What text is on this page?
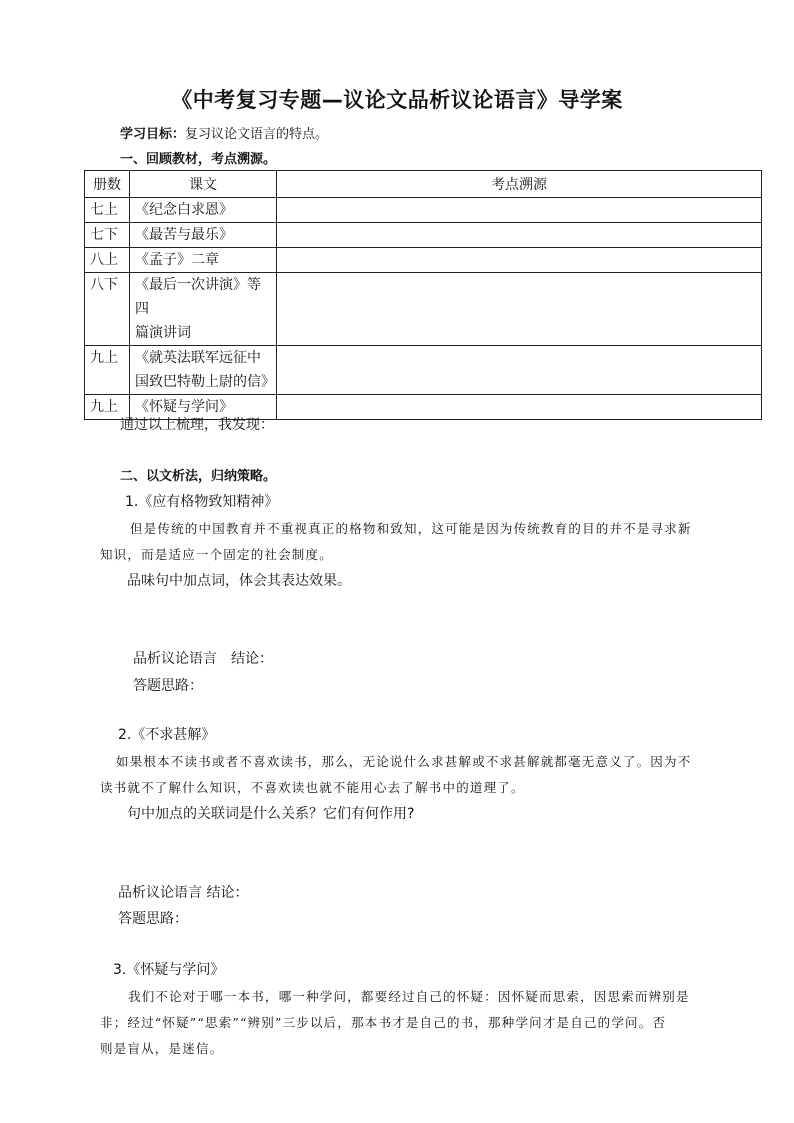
《中考复习专题—议论文品析议论语言》导学案
学习目标：复习议论文语言的特点。
一、回顾教材，考点溯源。
册数	课文	考点溯源
七上	《纪念白求恩》	
七下	《最苦与最乐》	
八上	《孟子》二章	
八下	《最后一次讲演》等四
篇演讲词	
九上	《就英法联军远征中
国致巴特勒上尉的信》	
九上	《怀疑与学问》	
通过以上梳理，我发现：
二、以文析法，归纳策略。
1.《应有格物致知精神》
但是传统的中国教育并不重视真正的格物和致知，这可能是因为传统教育的目的并不是寻求新
知识，而是适应一个固定的社会制度。
品味句中加点词，体会其表达效果。
品析议论语言　结论：
答题思路：
2.《不求甚解》
如果根本不读书或者不喜欢读书，那么，无论说什么求甚解或不求甚解就都毫无意义了。因为不
读书就不了解什么知识，不喜欢读也就不能用心去了解书中的道理了。
句中加点的关联词是什么关系？它们有何作用?
品析议论语言 结论：
答题思路：
3.《怀疑与学问》
我们不论对于哪一本书，哪一种学问，都要经过自己的怀疑：因怀疑而思索，因思索而辨别是
非；经过“怀疑”“思索”“辨别”三步以后，那本书才是自己的书，那种学问才是自己的学问。否
则是盲从，是迷信。
